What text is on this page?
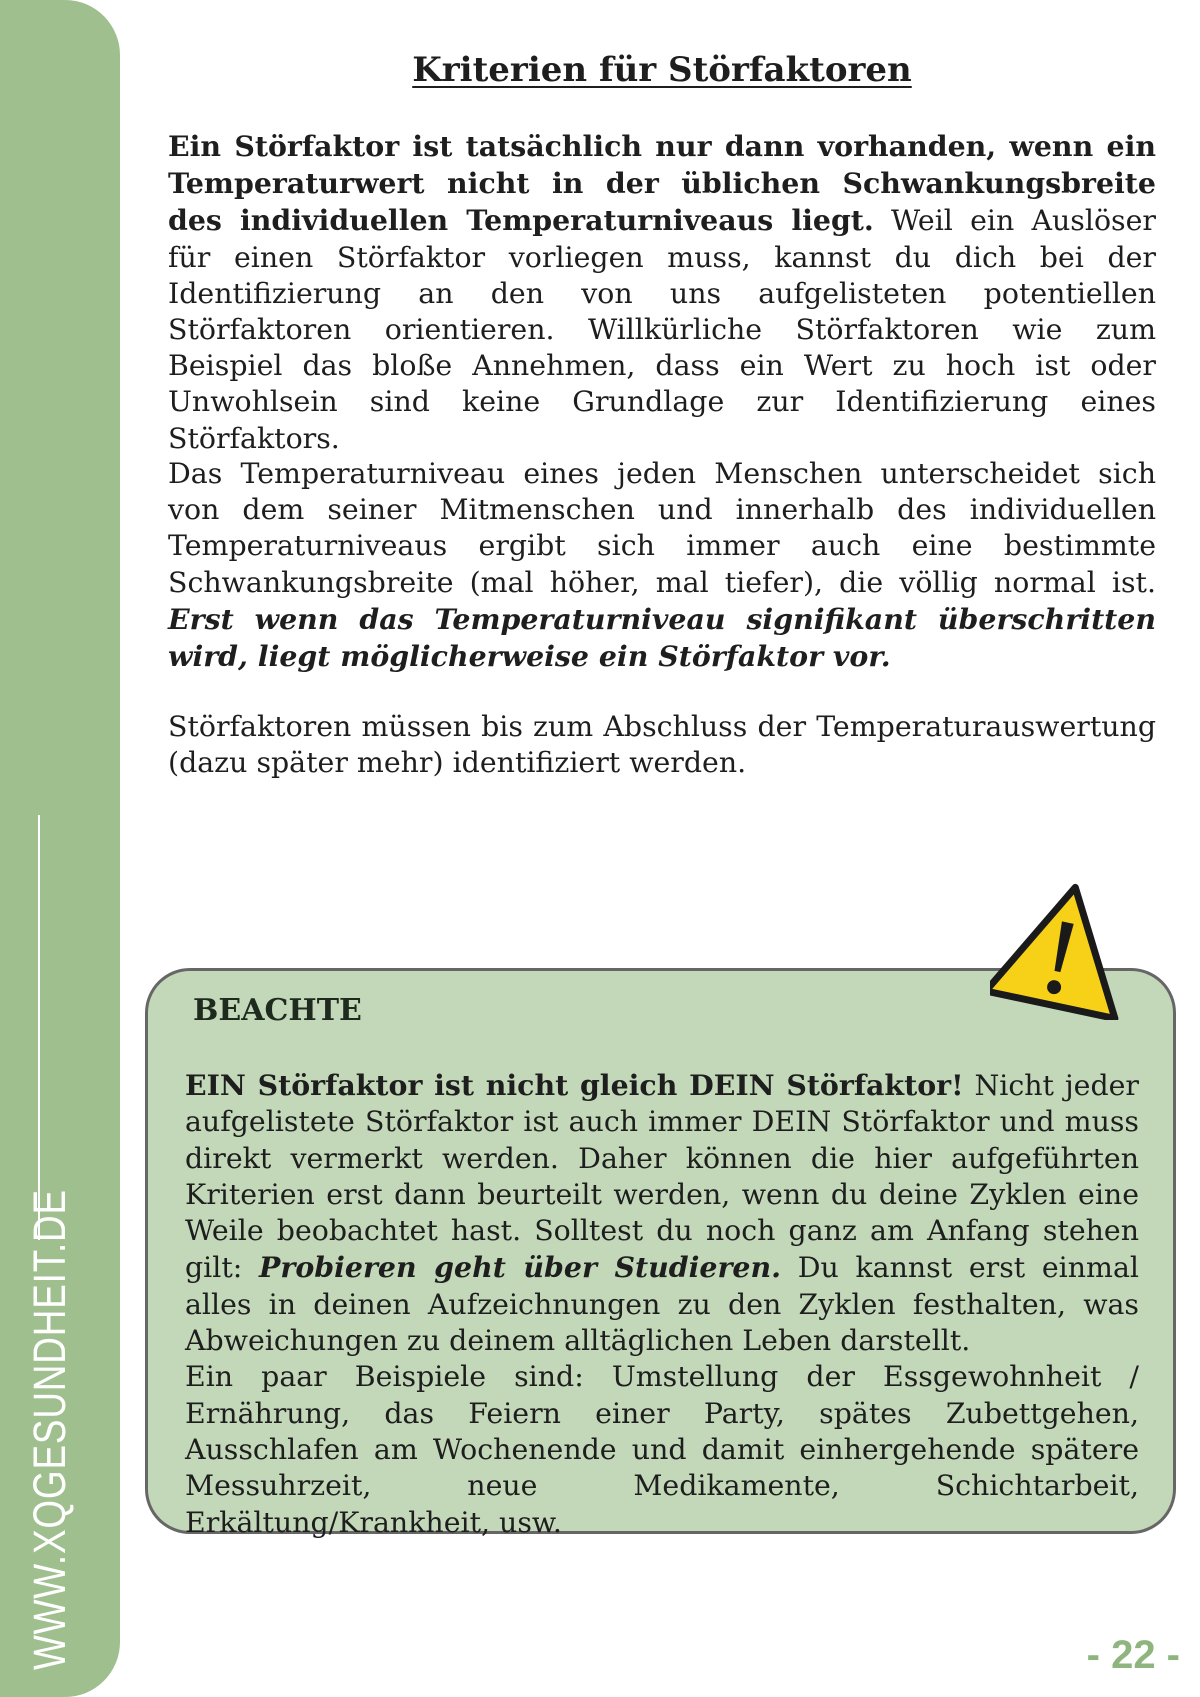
WWW.XQGESUNDHEIT.DE
Kriterien für Störfaktoren

Ein Störfaktor ist tatsächlich nur dann vorhanden, wenn ein Temperaturwert nicht in der üblichen Schwankungsbreite des individuellen Temperaturniveaus liegt. Weil ein Auslöser für einen Störfaktor vorliegen muss, kannst du dich bei der Identifizierung an den von uns aufgelisteten potentiellen Störfaktoren orientieren. Willkürliche Störfaktoren wie zum Beispiel das bloße Annehmen, dass ein Wert zu hoch ist oder Unwohlsein sind keine Grundlage zur Identifizierung eines Störfaktors.

Das Temperaturniveau eines jeden Menschen unterscheidet sich von dem seiner Mitmenschen und innerhalb des individuellen Temperaturniveaus ergibt sich immer auch eine bestimmte Schwankungsbreite (mal höher, mal tiefer), die völlig normal ist. Erst wenn das Temperaturniveau signifikant überschritten wird, liegt möglicherweise ein Störfaktor vor.

Störfaktoren müssen bis zum Abschluss der Temperaturauswertung (dazu später mehr) identifiziert werden.

BEACHTE

EIN Störfaktor ist nicht gleich DEIN Störfaktor! Nicht jeder aufgelistete Störfaktor ist auch immer DEIN Störfaktor und muss direkt vermerkt werden. Daher können die hier aufgeführten Kriterien erst dann beurteilt werden, wenn du deine Zyklen eine Weile beobachtet hast. Solltest du noch ganz am Anfang stehen gilt: Probieren geht über Studieren. Du kannst erst einmal alles in deinen Aufzeichnungen zu den Zyklen festhalten, was Abweichungen zu deinem alltäglichen Leben darstellt.
Ein paar Beispiele sind: Umstellung der Essgewohnheit / Ernährung, das Feiern einer Party, spätes Zubettgehen, Ausschlafen am Wochenende und damit einhergehende spätere Messuhrzeit, neue Medikamente, Schichtarbeit, Erkältung/Krankheit, usw.

- 22 -
